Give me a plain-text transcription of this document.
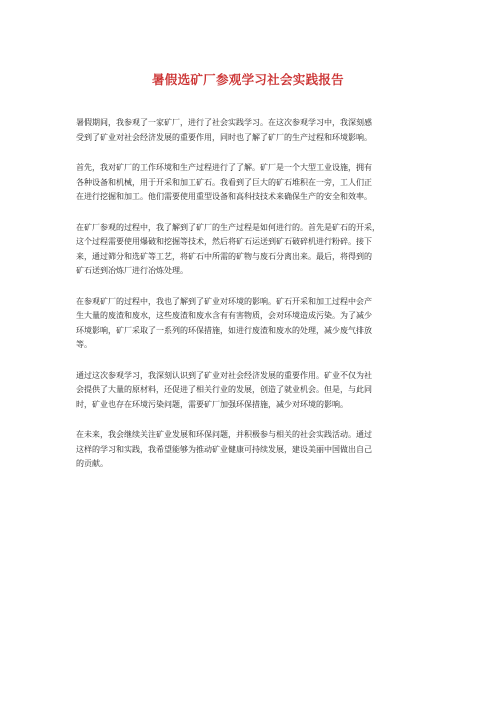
暑假选矿厂参观学习社会实践报告

暑假期间，我参观了一家矿厂，进行了社会实践学习。在这次参观学习中，我深刻感
受到了矿业对社会经济发展的重要作用，同时也了解了矿厂的生产过程和环境影响。

首先，我对矿厂的工作环境和生产过程进行了了解。矿厂是一个大型工业设施，拥有
各种设备和机械，用于开采和加工矿石。我看到了巨大的矿石堆积在一旁，工人们正
在进行挖掘和加工。他们需要使用重型设备和高科技技术来确保生产的安全和效率。

在矿厂参观的过程中，我了解到了矿厂的生产过程是如何进行的。首先是矿石的开采，
这个过程需要使用爆破和挖掘等技术，然后将矿石运送到矿石破碎机进行粉碎。接下
来，通过筛分和选矿等工艺，将矿石中所需的矿物与废石分离出来。最后，将得到的
矿石送到冶炼厂进行冶炼处理。

在参观矿厂的过程中，我也了解到了矿业对环境的影响。矿石开采和加工过程中会产
生大量的废渣和废水，这些废渣和废水含有有害物质，会对环境造成污染。为了减少
环境影响，矿厂采取了一系列的环保措施，如进行废渣和废水的处理，减少废气排放
等。

通过这次参观学习，我深刻认识到了矿业对社会经济发展的重要作用。矿业不仅为社
会提供了大量的原材料，还促进了相关行业的发展，创造了就业机会。但是，与此同
时，矿业也存在环境污染问题，需要矿厂加强环保措施，减少对环境的影响。

在未来，我会继续关注矿业发展和环保问题，并积极参与相关的社会实践活动。通过
这样的学习和实践，我希望能够为推动矿业健康可持续发展，建设美丽中国做出自己
的贡献。
